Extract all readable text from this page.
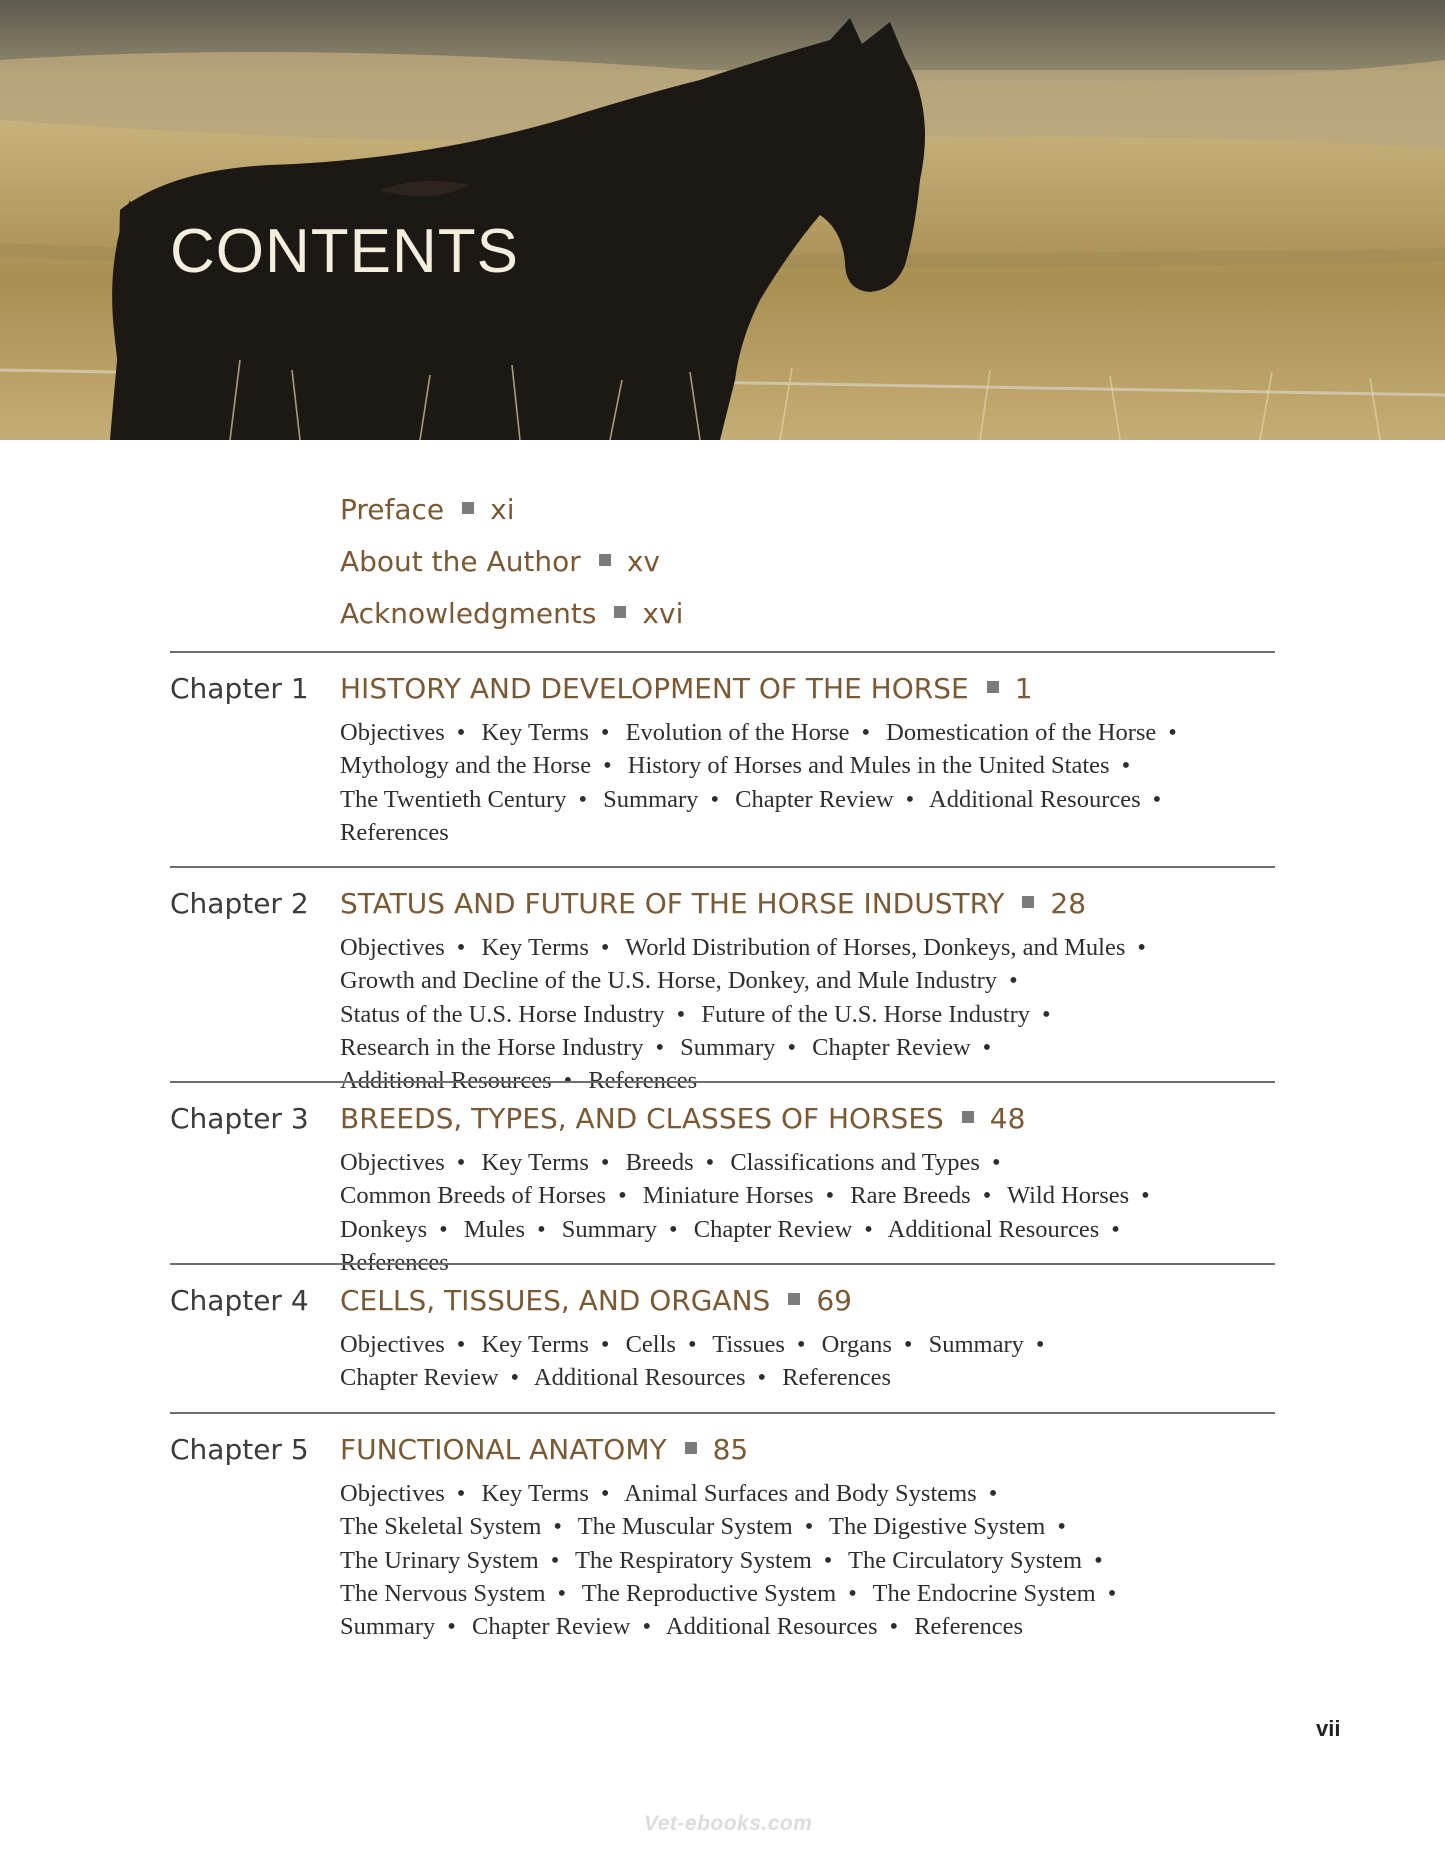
CONTENTS
Preface xi
About the Author xv
Acknowledgments xvi
Chapter 1 HISTORY AND DEVELOPMENT OF THE HORSE 1
Objectives • Key Terms • Evolution of the Horse • Domestication of the Horse • Mythology and the Horse • History of Horses and Mules in the United States • The Twentieth Century • Summary • Chapter Review • Additional Resources • References
Chapter 2 STATUS AND FUTURE OF THE HORSE INDUSTRY 28
Objectives • Key Terms • World Distribution of Horses, Donkeys, and Mules • Growth and Decline of the U.S. Horse, Donkey, and Mule Industry • Status of the U.S. Horse Industry • Future of the U.S. Horse Industry • Research in the Horse Industry • Summary • Chapter Review • Additional Resources • References
Chapter 3 BREEDS, TYPES, AND CLASSES OF HORSES 48
Objectives • Key Terms • Breeds • Classifications and Types • Common Breeds of Horses • Miniature Horses • Rare Breeds • Wild Horses • Donkeys • Mules • Summary • Chapter Review • Additional Resources • References
Chapter 4 CELLS, TISSUES, AND ORGANS 69
Objectives • Key Terms • Cells • Tissues • Organs • Summary • Chapter Review • Additional Resources • References
Chapter 5 FUNCTIONAL ANATOMY 85
Objectives • Key Terms • Animal Surfaces and Body Systems • The Skeletal System • The Muscular System • The Digestive System • The Urinary System • The Respiratory System • The Circulatory System • The Nervous System • The Reproductive System • The Endocrine System • Summary • Chapter Review • Additional Resources • References
vii
Vet-ebooks.com
